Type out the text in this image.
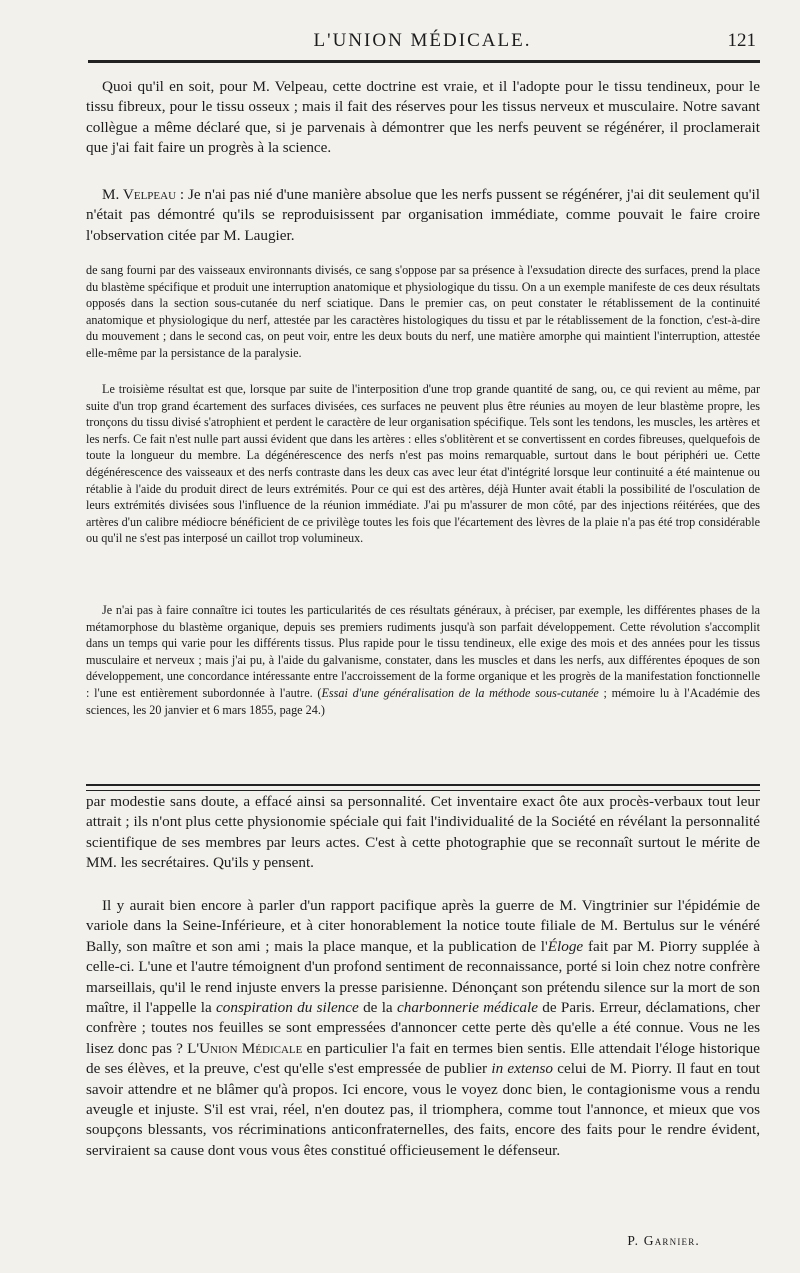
L'UNION MÉDICALE.	121

Quoi qu'il en soit, pour M. Velpeau, cette doctrine est vraie, et il l'adopte pour le tissu tendineux, pour le tissu fibreux, pour le tissu osseux ; mais il fait des réserves pour les tissus nerveux et musculaire. Notre savant collègue a même déclaré que, si je parvenais à démontrer que les nerfs peuvent se régénérer, il proclamerait que j'ai fait faire un progrès à la science.

M. Velpeau : Je n'ai pas nié d'une manière absolue que les nerfs pussent se régénérer, j'ai dit seulement qu'il n'était pas démontré qu'ils se reproduisissent par organisation immédiate, comme pouvait le faire croire l'observation citée par M. Laugier.

de sang fourni par des vaisseaux environnants divisés, ce sang s'oppose par sa présence à l'exsudation directe des surfaces, prend la place du blastème spécifique et produit une interruption anatomique et physiologique du tissu. On a un exemple manifeste de ces deux résultats opposés dans la section sous-cutanée du nerf sciatique. Dans le premier cas, on peut constater le rétablissement de la continuité anatomique et physiologique du nerf, attestée par les caractères histologiques du tissu et par le rétablissement de la fonction, c'est-à-dire du mouvement ; dans le second cas, on peut voir, entre les deux bouts du nerf, une matière amorphe qui maintient l'interruption, attestée elle-même par la persistance de la paralysie.

Le troisième résultat est que, lorsque par suite de l'interposition d'une trop grande quantité de sang, ou, ce qui revient au même, par suite d'un trop grand écartement des surfaces divisées, ces surfaces ne peuvent plus être réunies au moyen de leur blastème propre, les tronçons du tissu divisé s'atrophient et perdent le caractère de leur organisation spécifique. Tels sont les tendons, les muscles, les artères et les nerfs. Ce fait n'est nulle part aussi évident que dans les artères : elles s'oblitèrent et se convertissent en cordes fibreuses, quelquefois de toute la longueur du membre. La dégénérescence des nerfs n'est pas moins remarquable, surtout dans le bout périphéri ue. Cette dégénérescence des vaisseaux et des nerfs contraste dans les deux cas avec leur état d'intégrité lorsque leur continuité a été maintenue ou rétablie à l'aide du produit direct de leurs extrémités. Pour ce qui est des artères, déjà Hunter avait établi la possibilité de l'osculation de leurs extrémités divisées sous l'influence de la réunion immédiate. J'ai pu m'assurer de mon côté, par des injections réitérées, que des artères d'un calibre médiocre bénéficient de ce privilège toutes les fois que l'écartement des lèvres de la plaie n'a pas été trop considérable ou qu'il ne s'est pas interposé un caillot trop volumineux.

Je n'ai pas à faire connaître ici toutes les particularités de ces résultats généraux, à préciser, par exemple, les différentes phases de la métamorphose du blastème organique, depuis ses premiers rudiments jusqu'à son parfait développement. Cette révolution s'accomplit dans un temps qui varie pour les différents tissus. Plus rapide pour le tissu tendineux, elle exige des mois et des années pour les tissus musculaire et nerveux ; mais j'ai pu, à l'aide du galvanisme, constater, dans les muscles et dans les nerfs, aux différentes époques de son développement, une concordance intéressante entre l'accroissement de la forme organique et les progrès de la manifestation fonctionnelle : l'une est entièrement subordonnée à l'autre. (Essai d'une généralisation de la méthode sous-cutanée ; mémoire lu à l'Académie des sciences, les 20 janvier et 6 mars 1855, page 24.)

par modestie sans doute, a effacé ainsi sa personnalité. Cet inventaire exact ôte aux procès-verbaux tout leur attrait ; ils n'ont plus cette physionomie spéciale qui fait l'individualité de la Société en révélant la personnalité scientifique de ses membres par leurs actes. C'est à cette photographie que se reconnaît surtout le mérite de MM. les secrétaires. Qu'ils y pensent.

Il y aurait bien encore à parler d'un rapport pacifique après la guerre de M. Vingtrinier sur l'épidémie de variole dans la Seine-Inférieure, et à citer honorablement la notice toute filiale de M. Bertulus sur le vénéré Bally, son maître et son ami ; mais la place manque, et la publication de l'Éloge fait par M. Piorry supplée à celle-ci. L'une et l'autre témoignent d'un profond sentiment de reconnaissance, porté si loin chez notre confrère marseillais, qu'il le rend injuste envers la presse parisienne. Dénonçant son prétendu silence sur la mort de son maître, il l'appelle la conspiration du silence de la charbonnerie médicale de Paris. Erreur, déclamations, cher confrère ; toutes nos feuilles se sont empressées d'annoncer cette perte dès qu'elle a été connue. Vous ne les lisez donc pas ? L'Union Médicale en particulier l'a fait en termes bien sentis. Elle attendait l'éloge historique de ses élèves, et la preuve, c'est qu'elle s'est empressée de publier in extenso celui de M. Piorry. Il faut en tout savoir attendre et ne blâmer qu'à propos. Ici encore, vous le voyez donc bien, le contagionisme vous a rendu aveugle et injuste. S'il est vrai, réel, n'en doutez pas, il triomphera, comme tout l'annonce, et mieux que vos soupçons blessants, vos récriminations anticonfraternelles, des faits, encore des faits pour le rendre évident, serviraient sa cause dont vous vous êtes constitué officieusement le défenseur.

P. Garnier.
